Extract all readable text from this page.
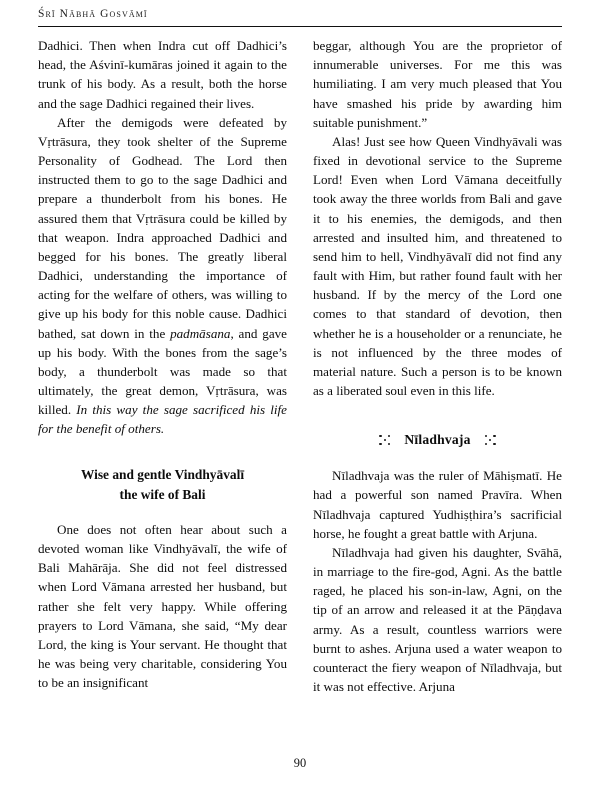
Śrī Nābhā Gosvāmī

Dadhici. Then when Indra cut off Dadhici’s head, the Aśvinī-kumāras joined it again to the trunk of his body. As a result, both the horse and the sage Dadhici regained their lives.

After the demigods were defeated by Vṛtrāsura, they took shelter of the Supreme Personality of Godhead. The Lord then instructed them to go to the sage Dadhici and prepare a thunderbolt from his bones. He assured them that Vṛtrāsura could be killed by that weapon. Indra approached Dadhici and begged for his bones. The greatly liberal Dadhici, understanding the importance of acting for the welfare of others, was willing to give up his body for this noble cause. Dadhici bathed, sat down in the padmāsana, and gave up his body. With the bones from the sage’s body, a thunderbolt was made so that ultimately, the great demon, Vṛtrāsura, was killed. In this way the sage sacrificed his life for the benefit of others.

Wise and gentle Vindhyāvalī
the wife of Bali

One does not often hear about such a devoted woman like Vindhyāvalī, the wife of Bali Mahārāja. She did not feel distressed when Lord Vāmana arrested her husband, but rather she felt very happy. While offering prayers to Lord Vāmana, she said, “My dear Lord, the king is Your servant. He thought that he was being very charitable, considering You to be an insignificant

beggar, although You are the proprietor of innumerable universes. For me this was humiliating. I am very much pleased that You have smashed his pride by awarding him suitable punishment.”

Alas! Just see how Queen Vindhyāvali was fixed in devotional service to the Supreme Lord! Even when Lord Vāmana deceitfully took away the three worlds from Bali and gave it to his enemies, the demigods, and then arrested and insulted him, and threatened to send him to hell, Vindhyāvalī did not find any fault with Him, but rather found fault with her husband. If by the mercy of the Lord one comes to that standard of devotion, then whether he is a householder or a renunciate, he is not influenced by the three modes of material nature. Such a person is to be known as a liberated soul even in this life.

Nīladhvaja

Nīladhvaja was the ruler of Māhiṣmatī. He had a powerful son named Pravīra. When Nīladhvaja captured Yudhiṣṭhira’s sacrificial horse, he fought a great battle with Arjuna.

Nīladhvaja had given his daughter, Svāhā, in marriage to the fire-god, Agni. As the battle raged, he placed his son-in-law, Agni, on the tip of an arrow and released it at the Pāṇḍava army. As a result, countless warriors were burnt to ashes. Arjuna used a water weapon to counteract the fiery weapon of Nīladhvaja, but it was not effective. Arjuna

90
